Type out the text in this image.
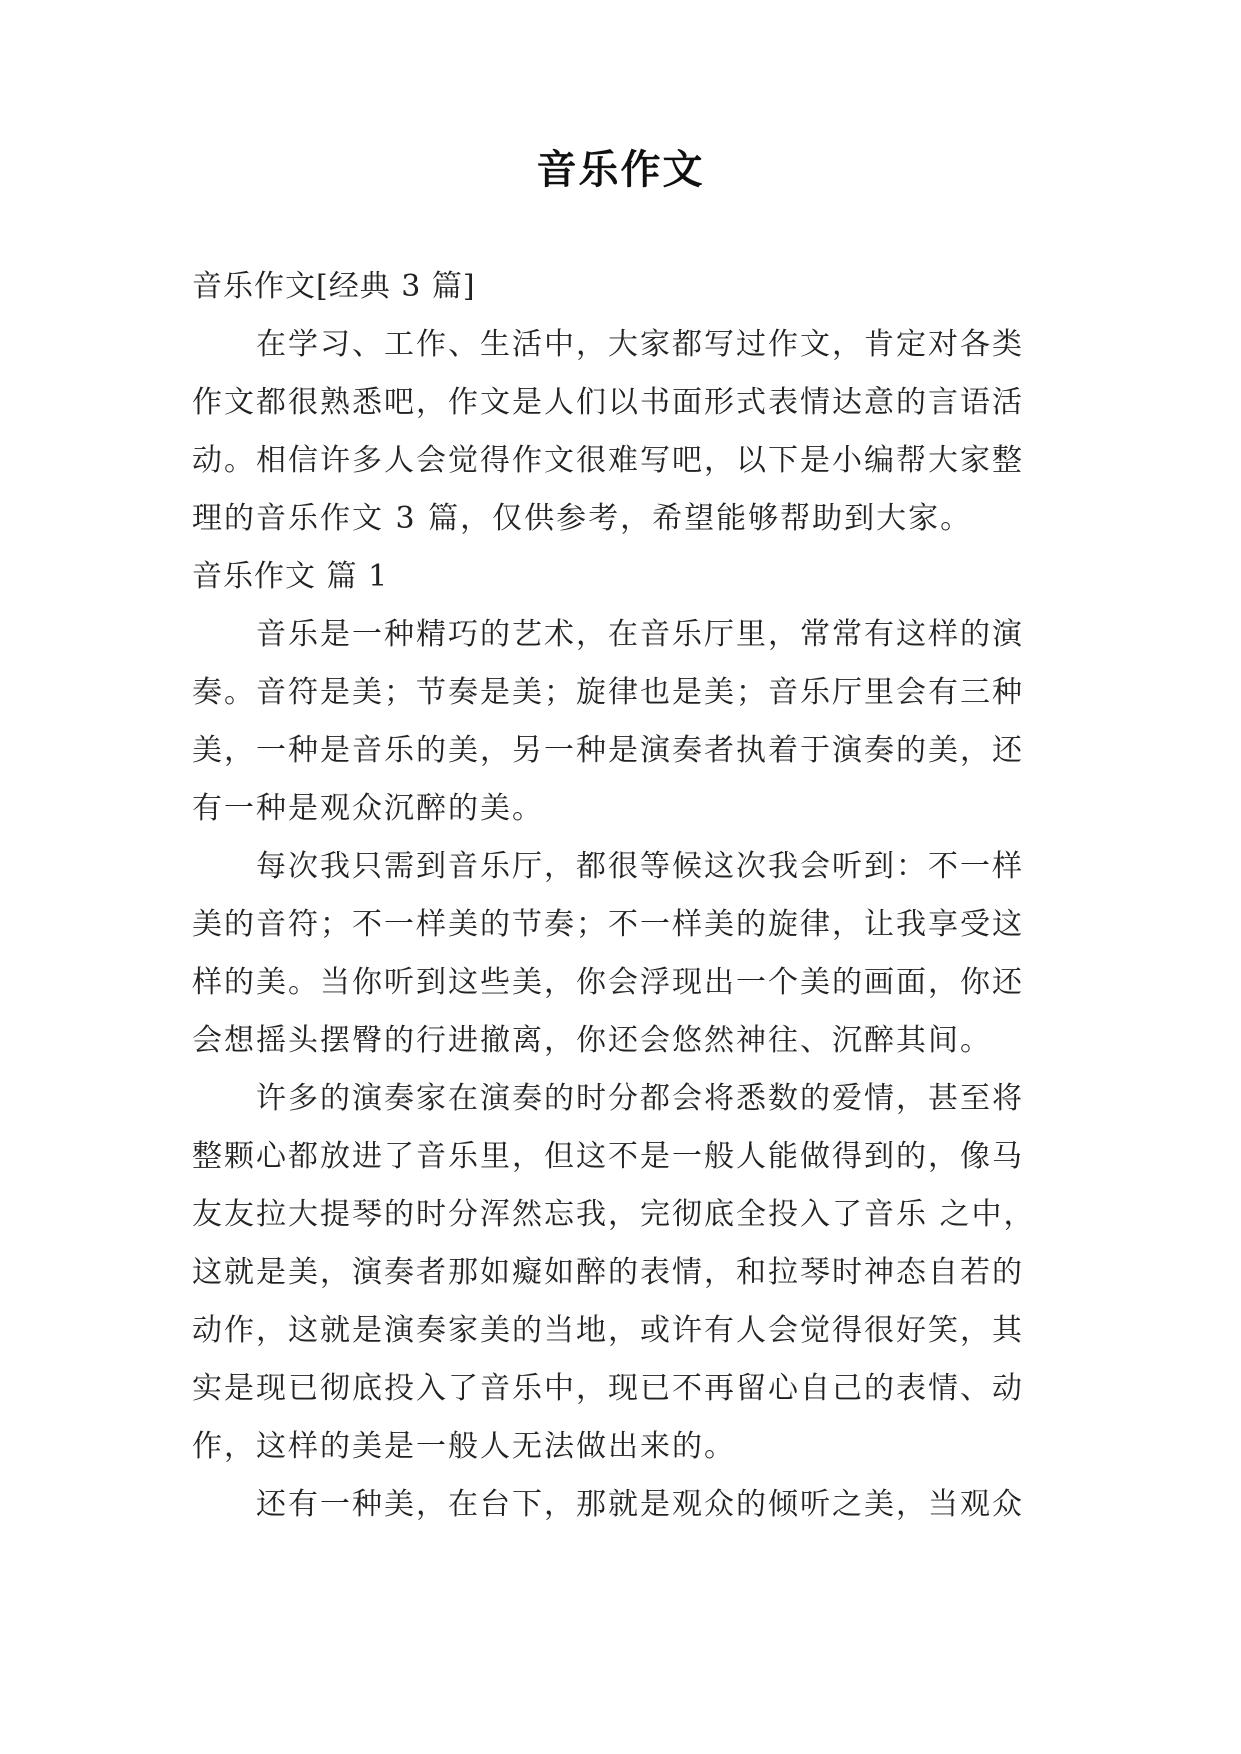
音乐作文
音乐作文[经典 3 篇]
在学习、工作、生活中，大家都写过作文，肯定对各类
作文都很熟悉吧，作文是人们以书面形式表情达意的言语活
动。相信许多人会觉得作文很难写吧，以下是小编帮大家整
理的音乐作文 3 篇，仅供参考，希望能够帮助到大家。
音乐作文 篇 1
音乐是一种精巧的艺术，在音乐厅里，常常有这样的演
奏。音符是美；节奏是美；旋律也是美；音乐厅里会有三种
美，一种是音乐的美，另一种是演奏者执着于演奏的美，还
有一种是观众沉醉的美。
每次我只需到音乐厅，都很等候这次我会听到：不一样
美的音符；不一样美的节奏；不一样美的旋律，让我享受这
样的美。当你听到这些美，你会浮现出一个美的画面，你还
会想摇头摆臀的行进撤离，你还会悠然神往、沉醉其间。
许多的演奏家在演奏的时分都会将悉数的爱情，甚至将
整颗心都放进了音乐里，但这不是一般人能做得到的，像马
友友拉大提琴的时分浑然忘我，完彻底全投入了音乐 之中，
这就是美，演奏者那如癡如醉的表情，和拉琴时神态自若的
动作，这就是演奏家美的当地，或许有人会觉得很好笑，其
实是现已彻底投入了音乐中，现已不再留心自己的表情、动
作，这样的美是一般人无法做出来的。
还有一种美，在台下，那就是观众的倾听之美，当观众
